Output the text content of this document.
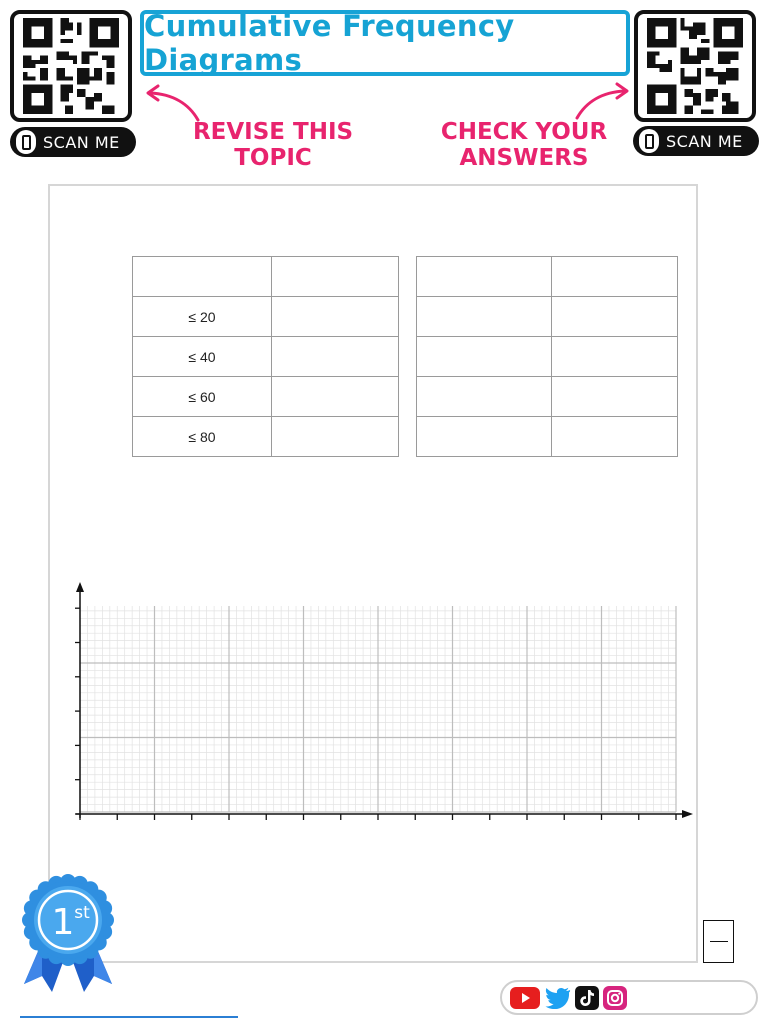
Cumulative Frequency Diagrams
SCAN ME	SCAN ME
REVISE THIS
TOPIC
CHECK YOUR
ANSWERS

≤ 20	
≤ 40	
≤ 60	
≤ 80	

1 st
